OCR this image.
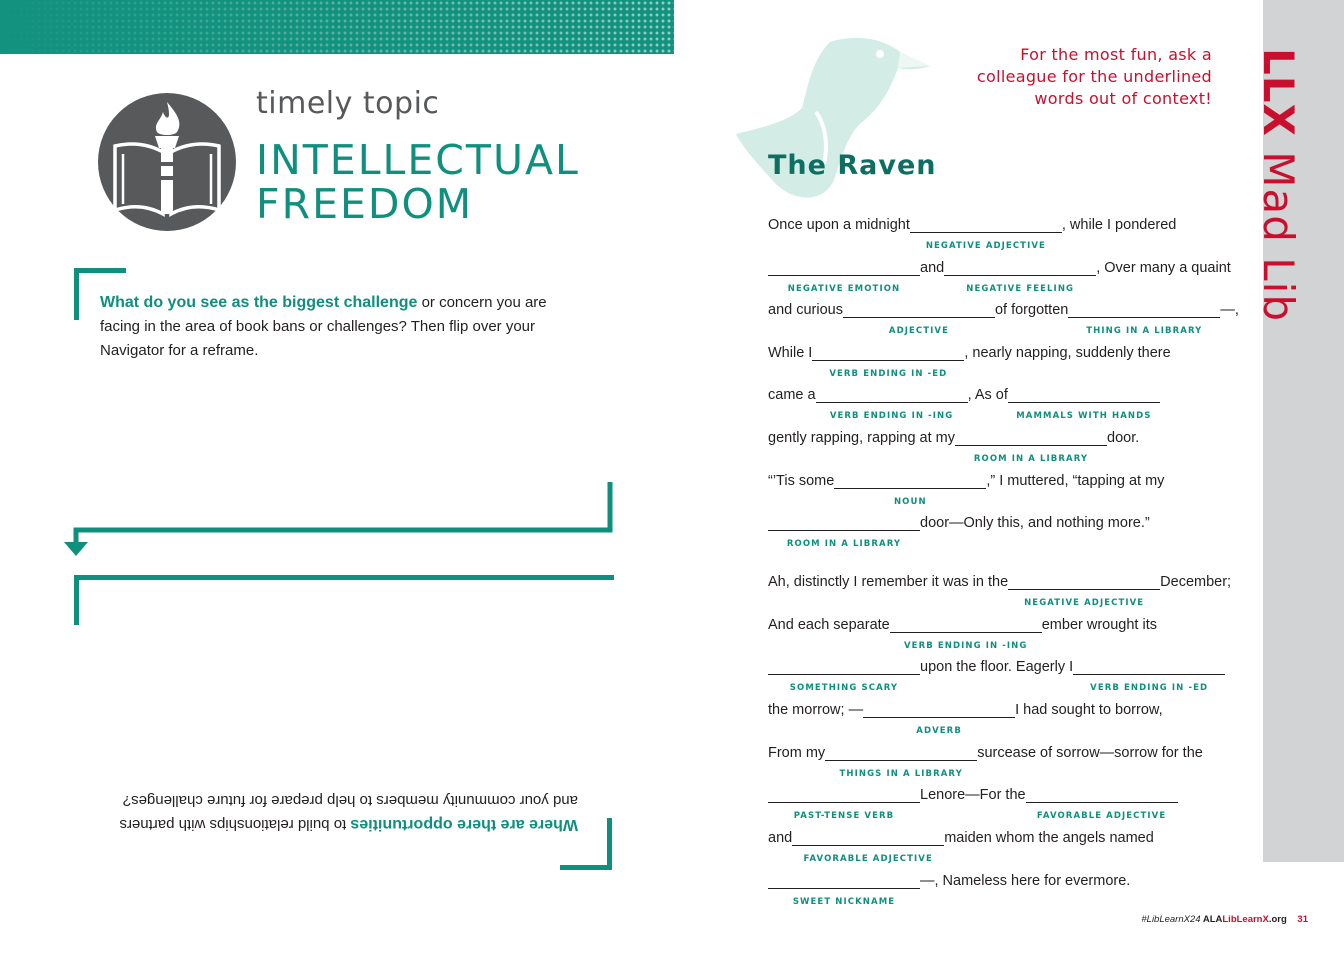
timely topic
INTELLECTUAL FREEDOM

What do you see as the biggest challenge or concern you are facing in the area of book bans or challenges? Then flip over your Navigator for a reframe.

Where are there opportunities to build relationships with partners and your community members to help prepare for future challenges?

For the most fun, ask a
colleague for the underlined
words out of context!
The Raven
Once upon a midnight
NEGATIVE ADJECTIVE
, while I pondered
NEGATIVE EMOTION
and
NEGATIVE FEELING
, Over many a quaint
and curious
ADJECTIVE
of forgotten
THING IN A LIBRARY
—,
While I
VERB ENDING IN -ED
, nearly napping, suddenly there
came a
VERB ENDING IN -ING
, As of
MAMMALS WITH HANDS
gently rapping, rapping at my
ROOM IN A LIBRARY
door.
“’Tis some
NOUN
,” I muttered, “tapping at my
ROOM IN A LIBRARY
door—Only this, and nothing more.”
Ah, distinctly I remember it was in the
NEGATIVE ADJECTIVE
December;
And each separate
VERB ENDING IN -ING
ember wrought its
SOMETHING SCARY
upon the floor. Eagerly I
VERB ENDING IN -ED
the morrow; —
ADVERB
I had sought to borrow,
From my
THINGS IN A LIBRARY
surcease of sorrow—sorrow for the
PAST-TENSE VERB
Lenore—For the
FAVORABLE ADJECTIVE
and
FAVORABLE ADJECTIVE
maiden whom the angels named
SWEET NICKNAME
—, Nameless here for evermore.
LLX Mad Lib
#LibLearnX24 ALALibLearnX.org 31
